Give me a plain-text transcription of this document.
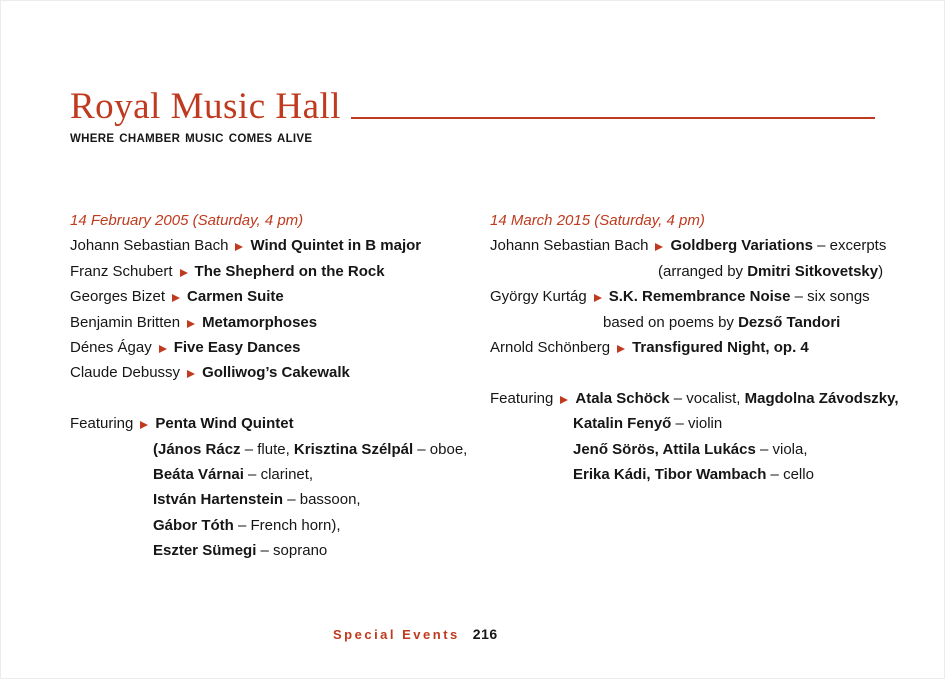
Royal Music Hall
WHERE CHAMBER MUSIC COMES ALIVE
14 February 2005 (Saturday, 4 pm)
Johann Sebastian Bach Wind Quintet in B major
Franz Schubert The Shepherd on the Rock
Georges Bizet Carmen Suite
Benjamin Britten Metamorphoses
Dénes Ágay Five Easy Dances
Claude Debussy Golliwog’s Cakewalk
Featuring Penta Wind Quintet
(János Rácz – flute, Krisztina Szélpál – oboe,
Beáta Várnai – clarinet,
István Hartenstein – bassoon,
Gábor Tóth – French horn),
Eszter Sümegi – soprano
14 March 2015 (Saturday, 4 pm)
Johann Sebastian Bach Goldberg Variations – excerpts
(arranged by Dmitri Sitkovetsky)
György Kurtág S.K. Remembrance Noise – six songs
based on poems by Dezső Tandori
Arnold Schönberg Transfigured Night, op. 4
Featuring Atala Schöck – vocalist, Magdolna Závodszky,
Katalin Fenyő – violin
Jenő Sörös, Attila Lukács – viola,
Erika Kádi, Tibor Wambach – cello
Special Events 216
